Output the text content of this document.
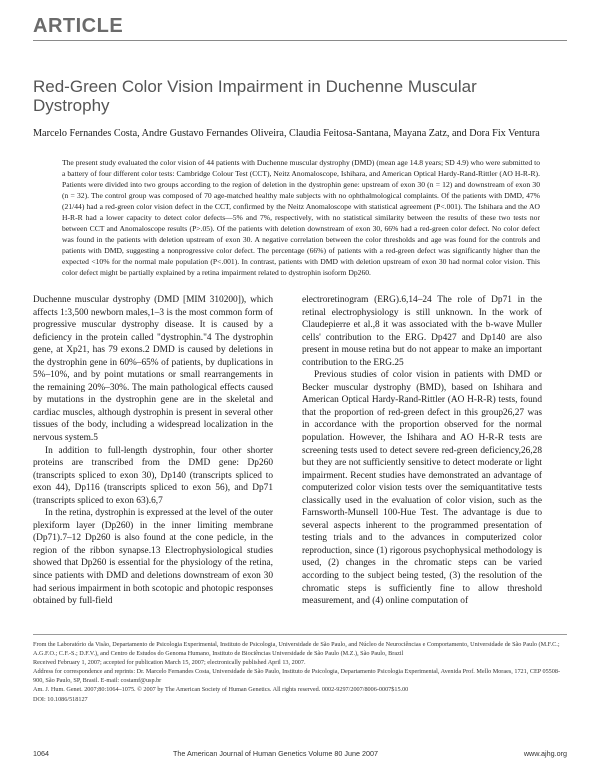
ARTICLE
Red-Green Color Vision Impairment in Duchenne Muscular Dystrophy
Marcelo Fernandes Costa, Andre Gustavo Fernandes Oliveira, Claudia Feitosa-Santana, Mayana Zatz, and Dora Fix Ventura
The present study evaluated the color vision of 44 patients with Duchenne muscular dystrophy (DMD) (mean age 14.8 years; SD 4.9) who were submitted to a battery of four different color tests: Cambridge Colour Test (CCT), Neitz Anomaloscope, Ishihara, and American Optical Hardy-Rand-Rittler (AO H-R-R). Patients were divided into two groups according to the region of deletion in the dystrophin gene: upstream of exon 30 (n = 12) and downstream of exon 30 (n = 32). The control group was composed of 70 age-matched healthy male subjects with no ophthalmological complaints. Of the patients with DMD, 47% (21/44) had a red-green color vision defect in the CCT, confirmed by the Neitz Anomaloscope with statistical agreement (P<.001). The Ishihara and the AO H-R-R had a lower capacity to detect color defects—5% and 7%, respectively, with no statistical similarity between the results of these two tests nor between CCT and Anomaloscope results (P>.05). Of the patients with deletion downstream of exon 30, 66% had a red-green color defect. No color defect was found in the patients with deletion upstream of exon 30. A negative correlation between the color thresholds and age was found for the controls and patients with DMD, suggesting a nonprogressive color defect. The percentage (66%) of patients with a red-green defect was significantly higher than the expected <10% for the normal male population (P<.001). In contrast, patients with DMD with deletion upstream of exon 30 had normal color vision. This color defect might be partially explained by a retina impairment related to dystrophin isoform Dp260.

Duchenne muscular dystrophy (DMD [MIM 310200]), which affects 1:3,500 newborn males,1–3 is the most common form of progressive muscular dystrophy disease. It is caused by a deficiency in the protein called "dystrophin."4 The dystrophin gene, at Xp21, has 79 exons.2 DMD is caused by deletions in the dystrophin gene in 60%–65% of patients, by duplications in 5%–10%, and by point mutations or small rearrangements in the remaining 20%–30%. The main pathological effects caused by mutations in the dystrophin gene are in the skeletal and cardiac muscles, although dystrophin is present in several other tissues of the body, including a widespread localization in the nervous system.5

In addition to full-length dystrophin, four other shorter proteins are transcribed from the DMD gene: Dp260 (transcripts spliced to exon 30), Dp140 (transcripts spliced to exon 44), Dp116 (transcripts spliced to exon 56), and Dp71 (transcripts spliced to exon 63).6,7

In the retina, dystrophin is expressed at the level of the outer plexiform layer (Dp260) in the inner limiting membrane (Dp71).7–12 Dp260 is also found at the cone pedicle, in the region of the ribbon synapse.13 Electrophysiological studies showed that Dp260 is essential for the physiology of the retina, since patients with DMD and deletions downstream of exon 30 had serious impairment in both scotopic and photopic responses obtained by full-field

electroretinogram (ERG).6,14–24 The role of Dp71 in the retinal electrophysiology is still unknown. In the work of Claudepierre et al.,8 it was associated with the b-wave Muller cells' contribution to the ERG. Dp427 and Dp140 are also present in mouse retina but do not appear to make an important contribution to the ERG.25

Previous studies of color vision in patients with DMD or Becker muscular dystrophy (BMD), based on Ishihara and American Optical Hardy-Rand-Rittler (AO H-R-R) tests, found that the proportion of red-green defect in this group26,27 was in accordance with the proportion observed for the normal population. However, the Ishihara and AO H-R-R tests are screening tests used to detect severe red-green deficiency,26,28 but they are not sufficiently sensitive to detect moderate or light impairment. Recent studies have demonstrated an advantage of computerized color vision tests over the semiquantitative tests classically used in the evaluation of color vision, such as the Farnsworth-Munsell 100-Hue Test. The advantage is due to several aspects inherent to the programmed presentation of testing trials and to the advances in computerized color reproduction, since (1) rigorous psychophysical methodology is used, (2) changes in the chromatic steps can be varied according to the subject being tested, (3) the resolution of the chromatic steps is sufficiently fine to allow threshold measurement, and (4) online computation of

From the Laboratório da Visão, Departamento de Psicologia Experimental, Instituto de Psicologia, Universidade de São Paulo, and Núcleo de Neurociências e Comportamento, Universidade de São Paulo (M.F.C.; A.G.F.O.; C.F.-S.; D.F.V.), and Centro de Estudos do Genoma Humano, Instituto de Biociências Universidade de São Paulo (M.Z.), São Paulo, Brazil

Received February 1, 2007; accepted for publication March 15, 2007; electronically published April 13, 2007.

Address for correspondence and reprints: Dr. Marcelo Fernandes Costa, Universidade de São Paulo, Instituto de Psicologia, Departamento Psicologia Experimental, Avenida Prof. Mello Moraes, 1721, CEP 05508-900, São Paulo, SP, Brasil. E-mail: costamf@usp.br

Am. J. Hum. Genet. 2007;80:1064–1075. © 2007 by The American Society of Human Genetics. All rights reserved. 0002-9297/2007/8006-0007$15.00

DOI: 10.1086/518127

1064	The American Journal of Human Genetics Volume 80 June 2007	www.ajhg.org
